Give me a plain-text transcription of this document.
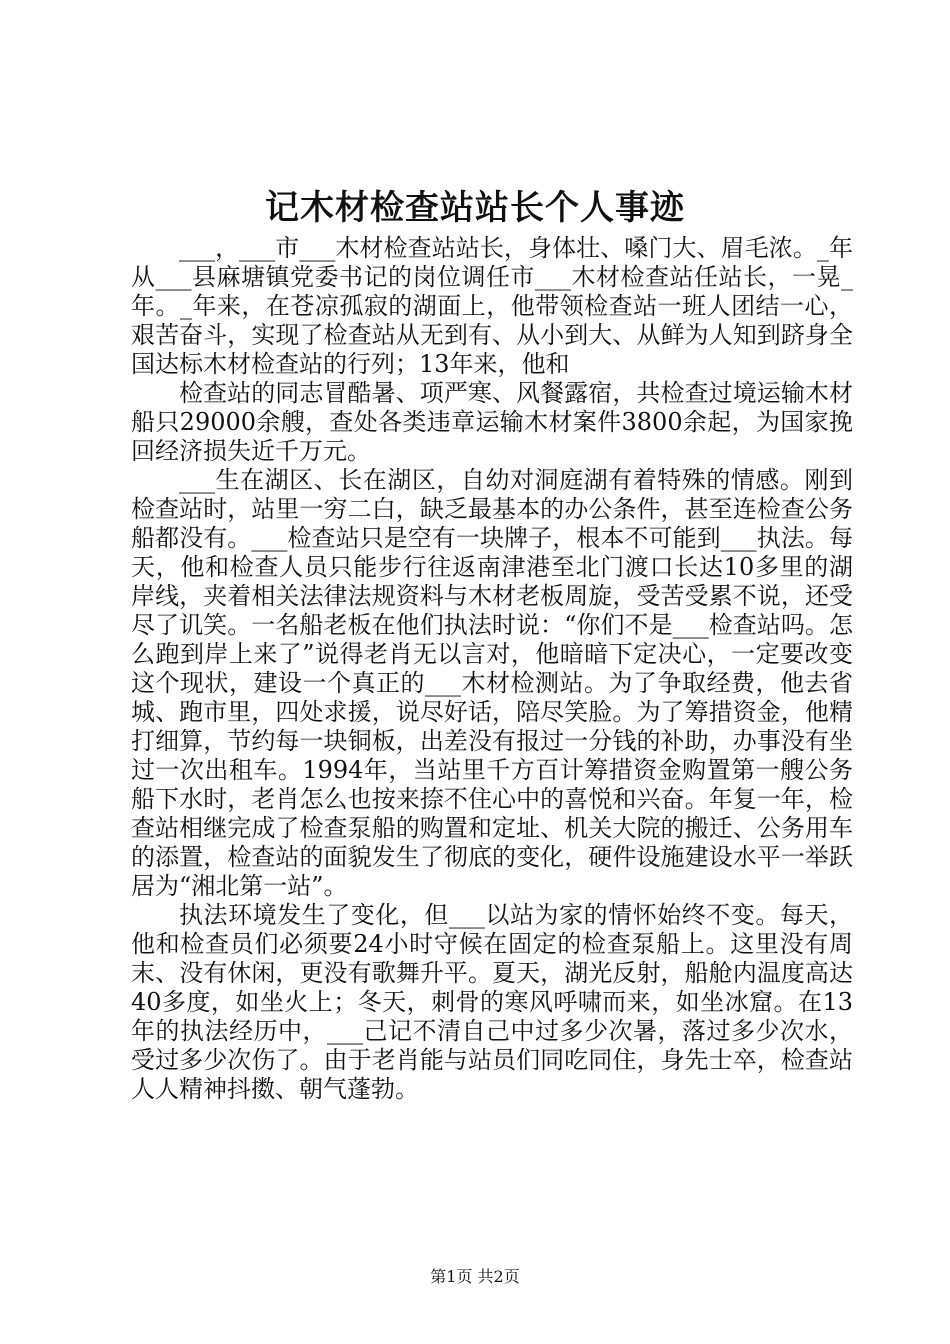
记木材检查站站长个人事迹

___，___市___木材检查站站长，身体壮、嗓门大、眉毛浓。_年从___县麻塘镇党委书记的岗位调任市___木材检查站任站长，一晃_年。_年来，在苍凉孤寂的湖面上，他带领检查站一班人团结一心，艰苦奋斗，实现了检查站从无到有、从小到大、从鲜为人知到跻身全国达标木材检查站的行列；13年来，他和

检查站的同志冒酷暑、项严寒、风餐露宿，共检查过境运输木材船只29000余艘，查处各类违章运输木材案件3800余起，为国家挽回经济损失近千万元。

___生在湖区、长在湖区，自幼对洞庭湖有着特殊的情感。刚到检查站时，站里一穷二白，缺乏最基本的办公条件，甚至连检查公务船都没有。___检查站只是空有一块牌子，根本不可能到___执法。每天，他和检查人员只能步行往返南津港至北门渡口长达10多里的湖岸线，夹着相关法律法规资料与木材老板周旋，受苦受累不说，还受尽了讥笑。一名船老板在他们执法时说：“你们不是___检查站吗。怎么跑到岸上来了”说得老肖无以言对，他暗暗下定决心，一定要改变这个现状，建设一个真正的___木材检测站。为了争取经费，他去省城、跑市里，四处求援，说尽好话，陪尽笑脸。为了筹措资金，他精打细算，节约每一块铜板，出差没有报过一分钱的补助，办事没有坐过一次出租车。1994年，当站里千方百计筹措资金购置第一艘公务船下水时，老肖怎么也按来捺不住心中的喜悦和兴奋。年复一年，检查站相继完成了检查泵船的购置和定址、机关大院的搬迁、公务用车的添置，检查站的面貌发生了彻底的变化，硬件设施建设水平一举跃居为“湘北第一站”。

执法环境发生了变化，但___以站为家的情怀始终不变。每天，他和检查员们必须要24小时守候在固定的检查泵船上。这里没有周末、没有休闲，更没有歌舞升平。夏天，湖光反射，船舱内温度高达40多度，如坐火上；冬天，刺骨的寒风呼啸而来，如坐冰窟。在13年的执法经历中，___己记不清自己中过多少次暑，落过多少次水，受过多少次伤了。由于老肖能与站员们同吃同住，身先士卒，检查站人人精神抖擞、朝气蓬勃。

第1页 共2页
